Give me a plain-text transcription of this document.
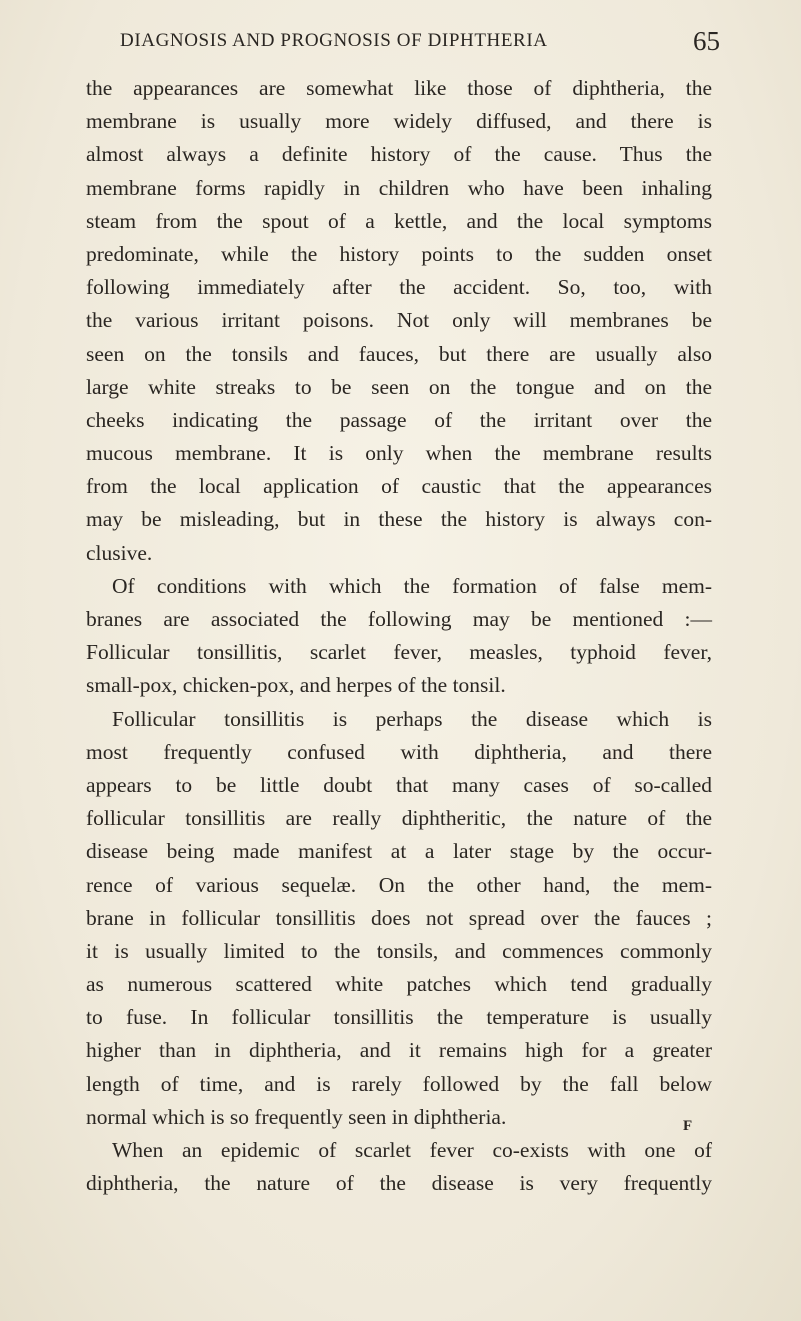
DIAGNOSIS AND PROGNOSIS OF DIPHTHERIA	65
the appearances are somewhat like those of diphtheria, the
membrane is usually more widely diffused, and there is
almost always a definite history of the cause. Thus the
membrane forms rapidly in children who have been inhaling
steam from the spout of a kettle, and the local symptoms
predominate, while the history points to the sudden onset
following immediately after the accident. So, too, with
the various irritant poisons. Not only will membranes be
seen on the tonsils and fauces, but there are usually also
large white streaks to be seen on the tongue and on the
cheeks indicating the passage of the irritant over the
mucous membrane. It is only when the membrane results
from the local application of caustic that the appearances
may be misleading, but in these the history is always con-
clusive.
Of conditions with which the formation of false mem-
branes are associated the following may be mentioned :—
Follicular tonsillitis, scarlet fever, measles, typhoid fever,
small-pox, chicken-pox, and herpes of the tonsil.
Follicular tonsillitis is perhaps the disease which is
most frequently confused with diphtheria, and there
appears to be little doubt that many cases of so-called
follicular tonsillitis are really diphtheritic, the nature of the
disease being made manifest at a later stage by the occur-
rence of various sequelæ. On the other hand, the mem-
brane in follicular tonsillitis does not spread over the fauces ;
it is usually limited to the tonsils, and commences commonly
as numerous scattered white patches which tend gradually
to fuse. In follicular tonsillitis the temperature is usually
higher than in diphtheria, and it remains high for a greater
length of time, and is rarely followed by the fall below
normal which is so frequently seen in diphtheria.
When an epidemic of scarlet fever co-exists with one of
diphtheria, the nature of the disease is very frequently
F
